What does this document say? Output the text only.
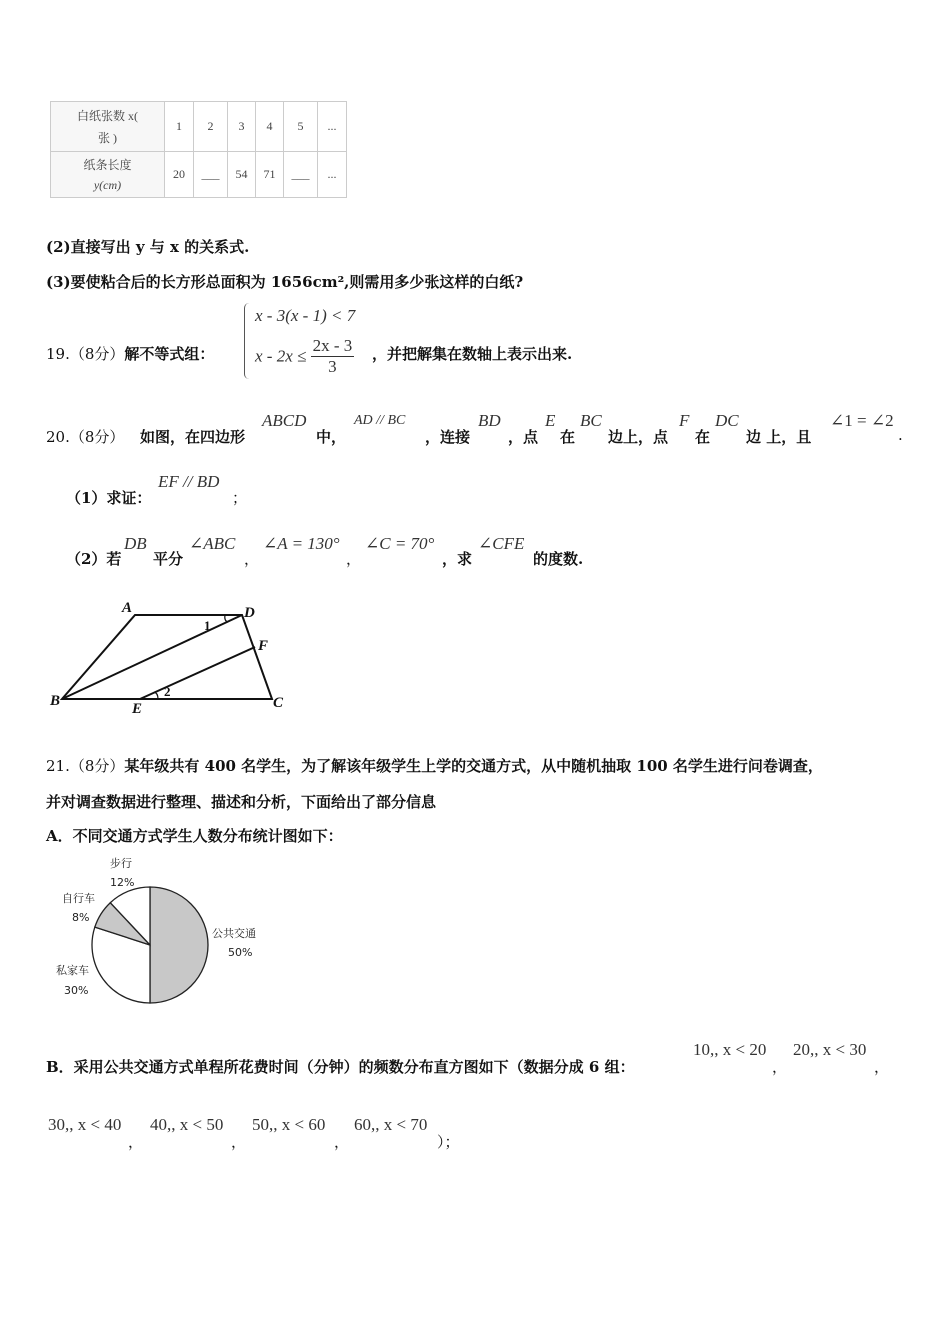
白纸张数 x(
张 )	1	2	3	4	5	...
纸条长度
y(cm)	20	___	54	71	___	...
(2)直接写出 y 与 x 的关系式.
(3)要使粘合后的长方形总面积为 1656cm²,则需用多少张这样的白纸?
19.（8分）解不等式组：
x - 3(x - 1) < 7
$x - 2x \le \frac{2x - 3}{3}$ ，并把解集在数轴上表示出来.
20.（8分） 如图，在四边形
ABCD
中，
AD // BC
，连接
BD
，点
E
在
BC
边上，点
F
在
DC
边 上，且
∠1 = ∠2
.
（1）求证：
EF // BD
；
（2）若
DB
平分
∠ABC
，
∠A = 130°
，
∠C = 70°
，求
∠CFE
的度数.
A	D
F
B	E	C
1
2
21.（8分）某年级共有 400 名学生，为了解该年级学生上学的交通方式，从中随机抽取 100 名学生进行问卷调查，
并对调查数据进行整理、描述和分析，下面给出了部分信息
A．不同交通方式学生人数分布统计图如下：
公共交通
50%
私家车
30%
自行车
8%
步行
12%
B．采用公共交通方式单程所花费时间（分钟）的频数分布直方图如下（数据分成 6 组：
10,, x < 20
，
20,, x < 30
，
30,, x < 40
，
40,, x < 50
，
50,, x < 60
，
60,, x < 70
）；
